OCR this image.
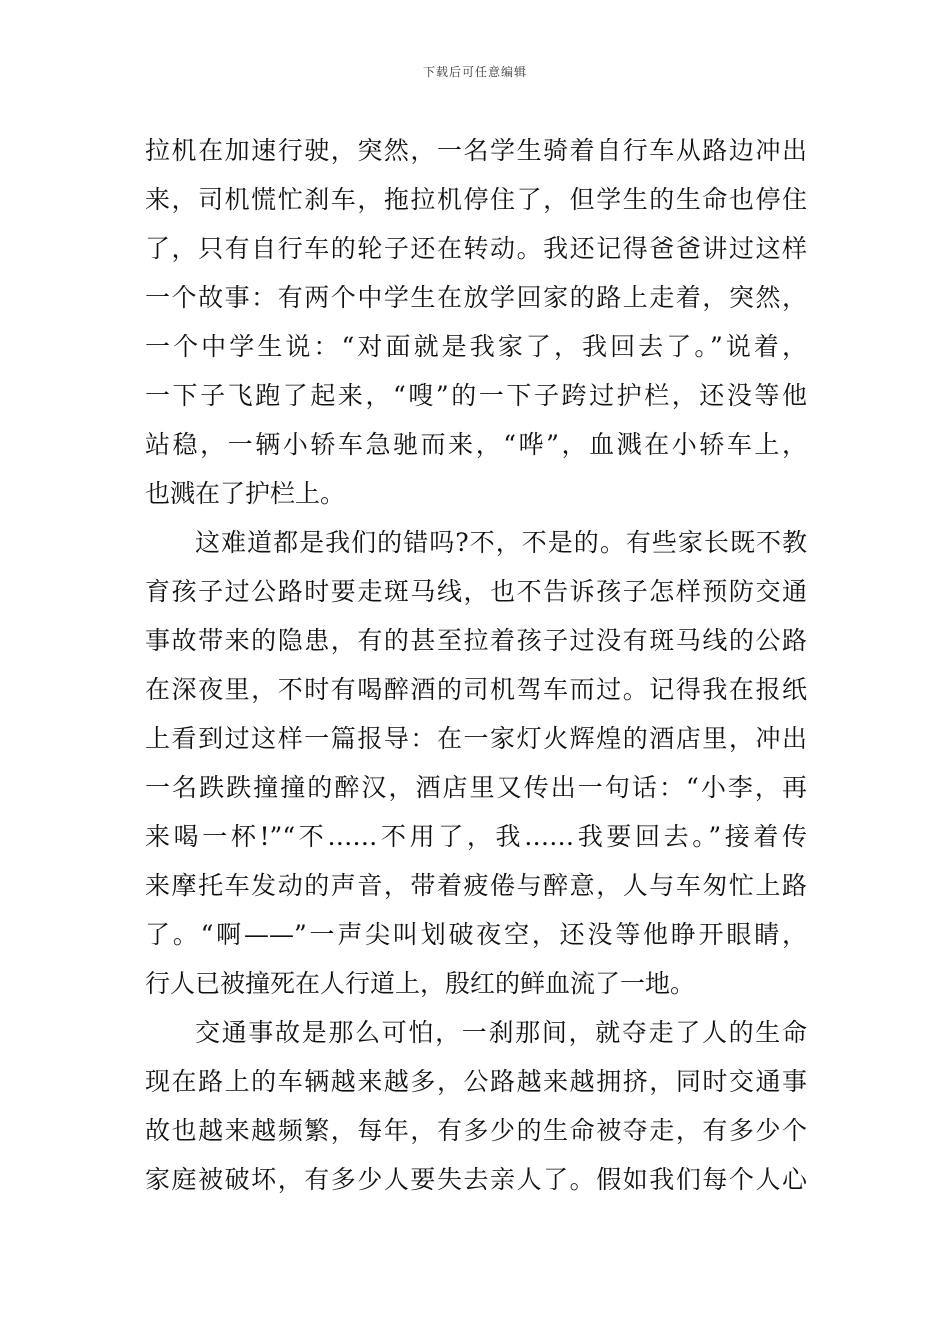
下载后可任意编辑
拉机在加速行驶，突然，一名学生骑着自行车从路边冲出
来，司机慌忙刹车，拖拉机停住了，但学生的生命也停住
了，只有自行车的轮子还在转动。我还记得爸爸讲过这样
一个故事：有两个中学生在放学回家的路上走着，突然，
一个中学生说：“对面就是我家了，我回去了。”说着，
一下子飞跑了起来，“嗖”的一下子跨过护栏，还没等他
站稳，一辆小轿车急驰而来，“哗”，血溅在小轿车上，
也溅在了护栏上。
这难道都是我们的错吗?不，不是的。有些家长既不教
育孩子过公路时要走斑马线，也不告诉孩子怎样预防交通
事故带来的隐患，有的甚至拉着孩子过没有斑马线的公路
在深夜里，不时有喝醉酒的司机驾车而过。记得我在报纸
上看到过这样一篇报导：在一家灯火辉煌的酒店里，冲出
一名跌跌撞撞的醉汉，酒店里又传出一句话：“小李，再
来喝一杯!”“不……不用了，我……我要回去。”接着传
来摩托车发动的声音，带着疲倦与醉意，人与车匆忙上路
了。“啊——”一声尖叫划破夜空，还没等他睁开眼睛，
行人已被撞死在人行道上，殷红的鲜血流了一地。
交通事故是那么可怕，一刹那间，就夺走了人的生命
现在路上的车辆越来越多，公路越来越拥挤，同时交通事
故也越来越频繁，每年，有多少的生命被夺走，有多少个
家庭被破坏，有多少人要失去亲人了。假如我们每个人心
